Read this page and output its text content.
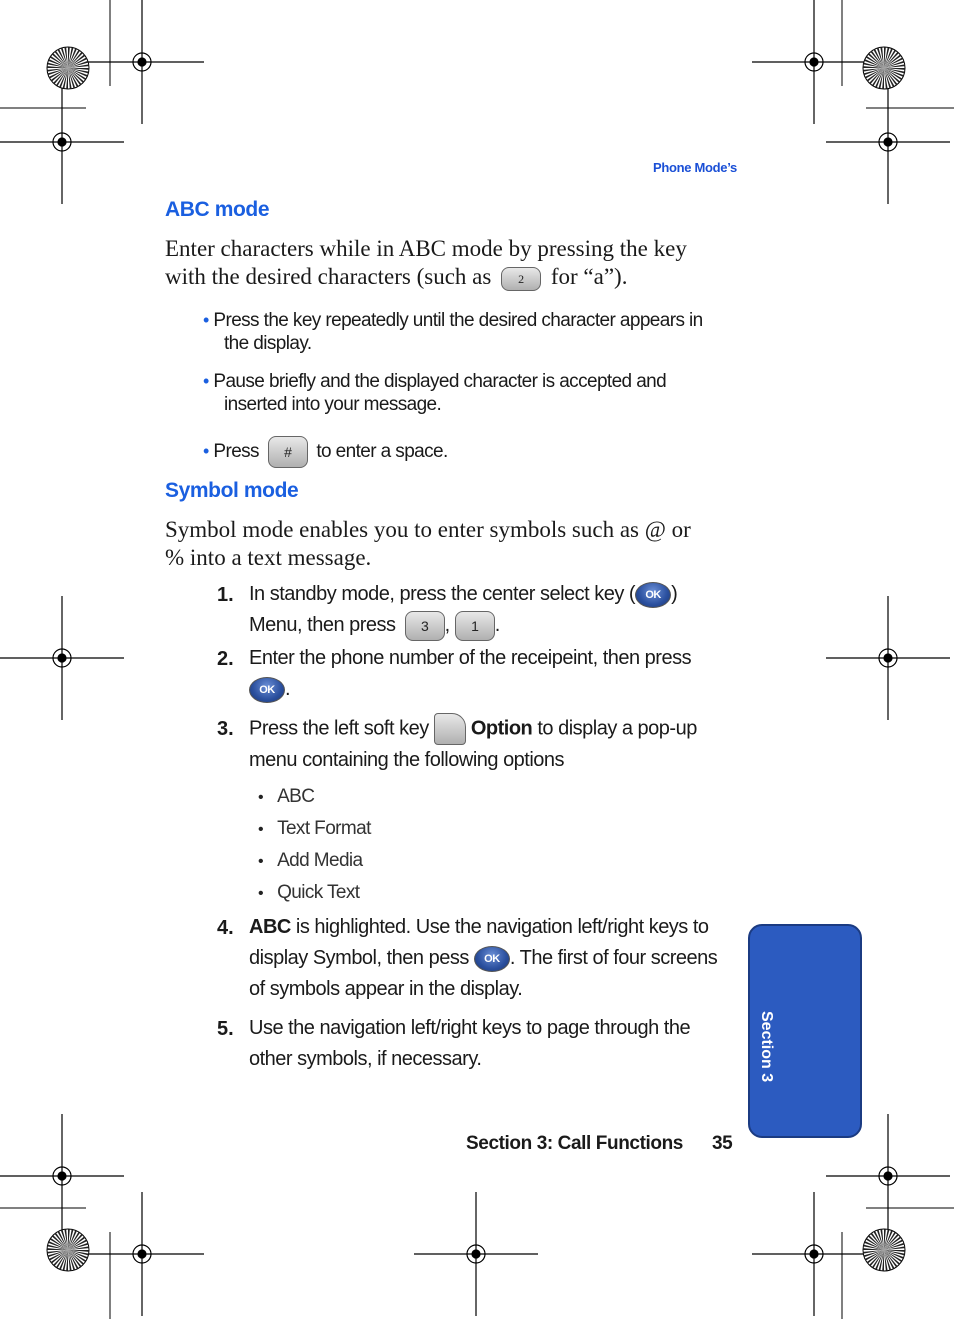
Phone Mode’s
ABC mode
Enter characters while in ABC mode by pressing the key
with the desired characters (such as 2 for “a”).
• Press the key repeatedly until the desired character appears in
the display.
• Pause briefly and the displayed character is accepted and
inserted into your message.
• Press # to enter a space.
Symbol mode
Symbol mode enables you to enter symbols such as @ or
% into a text message.
1. In standby mode, press the center select key ( OK )
Menu, then press 3 , 1 .
2. Enter the phone number of the receipeint, then press
OK .
3. Press the left soft key Option to display a pop-up
menu containing the following options
• ABC
• Text Format
• Add Media
• Quick Text
4. ABC is highlighted. Use the navigation left/right keys to
display Symbol, then pess OK . The first of four screens
of symbols appear in the display.
5. Use the navigation left/right keys to page through the
other symbols, if necessary.	Section 3
Section 3: Call Functions 35
